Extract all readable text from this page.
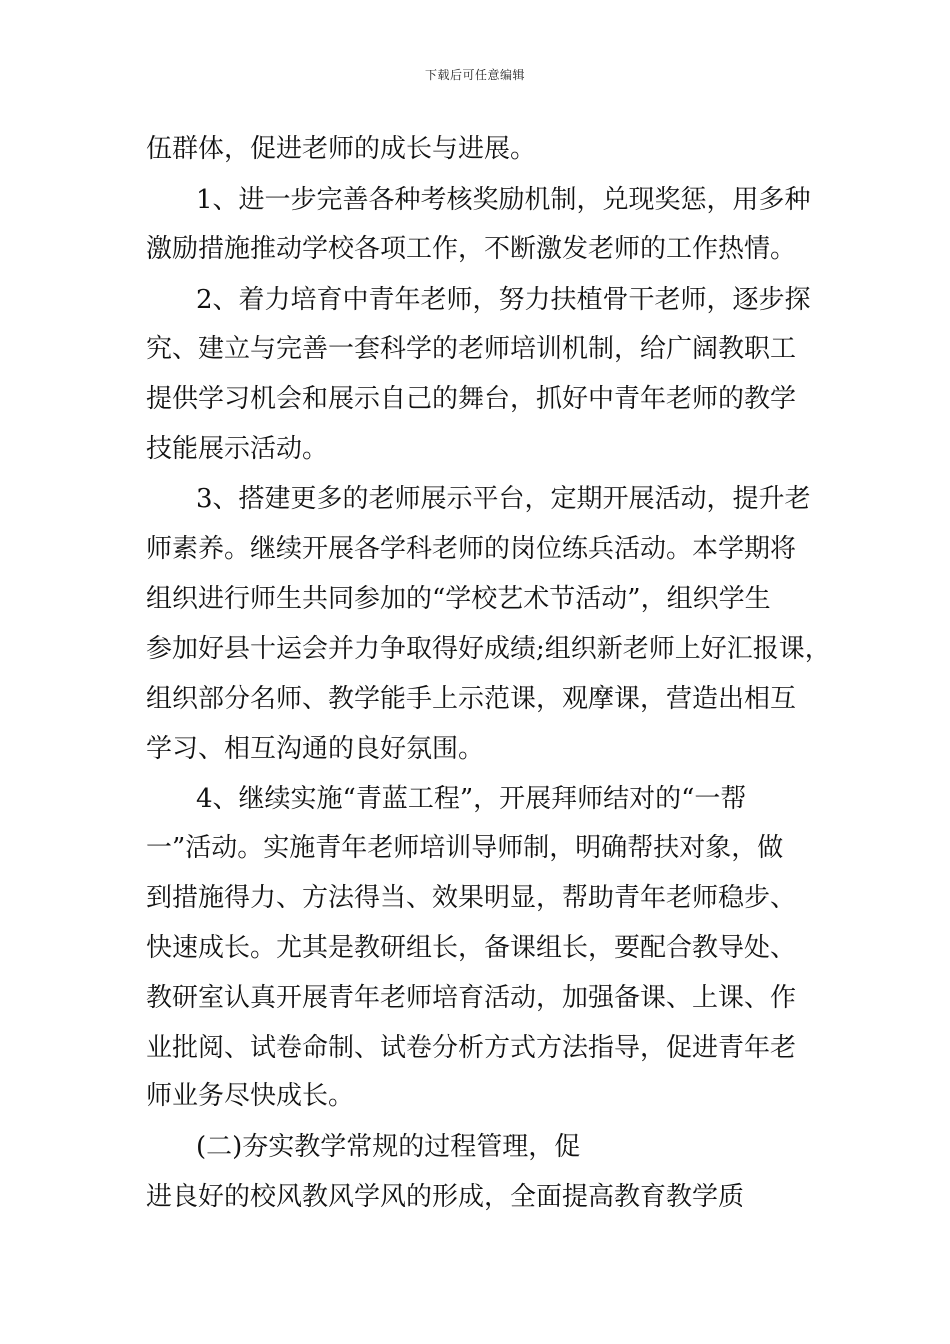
下载后可任意编辑
伍群体，促进老师的成长与进展。
1、进一步完善各种考核奖励机制，兑现奖惩，用多种
激励措施推动学校各项工作，不断激发老师的工作热情。
2、着力培育中青年老师，努力扶植骨干老师，逐步探
究、建立与完善一套科学的老师培训机制，给广阔教职工
提供学习机会和展示自己的舞台，抓好中青年老师的教学
技能展示活动。
3、搭建更多的老师展示平台，定期开展活动，提升老
师素养。继续开展各学科老师的岗位练兵活动。本学期将
组织进行师生共同参加的“学校艺术节活动”，组织学生
参加好县十运会并力争取得好成绩;组织新老师上好汇报课，
组织部分名师、教学能手上示范课，观摩课，营造出相互
学习、相互沟通的良好氛围。
4、继续实施“青蓝工程”，开展拜师结对的“一帮
一”活动。实施青年老师培训导师制，明确帮扶对象，做
到措施得力、方法得当、效果明显，帮助青年老师稳步、
快速成长。尤其是教研组长，备课组长，要配合教导处、
教研室认真开展青年老师培育活动，加强备课、上课、作
业批阅、试卷命制、试卷分析方式方法指导，促进青年老
师业务尽快成长。
(二)夯实教学常规的过程管理，促
进良好的校风教风学风的形成，全面提高教育教学质
